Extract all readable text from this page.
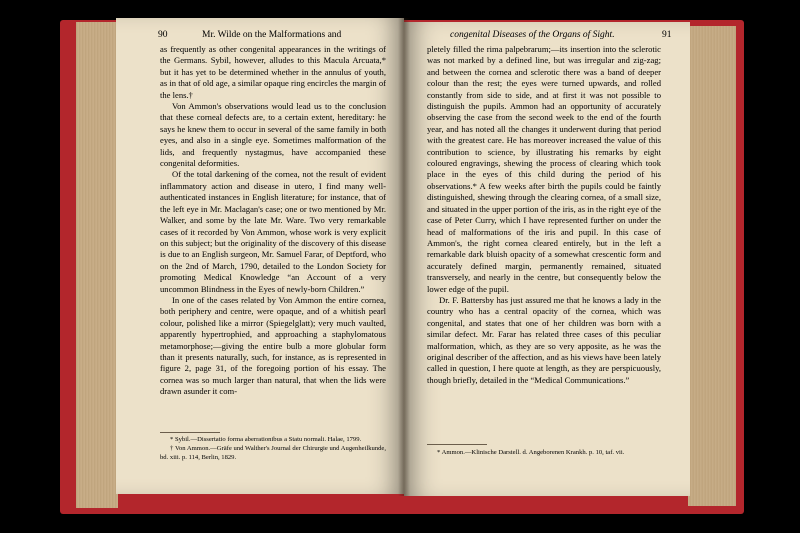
90	Mr. Wilde on the Malformations and	congenital Diseases of the Organs of Sight.	91

as frequently as other congenital appearances in the writings of the Germans. Sybil, however, alludes to this Macula Arcuata,* but it has yet to be determined whether in the annulus of youth, as in that of old age, a similar opaque ring encircles the margin of the lens.†

Von Ammon's observations would lead us to the conclusion that these corneal defects are, to a certain extent, hereditary: he says he knew them to occur in several of the same family in both eyes, and also in a single eye. Sometimes malformation of the lids, and frequently nystagmus, have accompanied these congenital deformities.

Of the total darkening of the cornea, not the result of evident inflammatory action and disease in utero, I find many well-authenticated instances in English literature; for instance, that of the left eye in Mr. Maclagan's case; one or two mentioned by Mr. Walker, and some by the late Mr. Ware. Two very remarkable cases of it recorded by Von Ammon, whose work is very explicit on this subject; but the originality of the discovery of this disease is due to an English surgeon, Mr. Samuel Farar, of Deptford, who on the 2nd of March, 1790, detailed to the London Society for promoting Medical Knowledge “an Account of a very uncommon Blindness in the Eyes of newly-born Children.”

In one of the cases related by Von Ammon the entire cornea, both periphery and centre, were opaque, and of a whitish pearl colour, polished like a mirror (Spiegelglatt); very much vaulted, apparently hypertrophied, and approaching a staphylomatous metamorphose;—giving the entire bulb a more globular form than it presents naturally, such, for instance, as is represented in figure 2, page 31, of the foregoing portion of his essay. The cornea was so much larger than natural, that when the lids were drawn asunder it com-

* Sybil.—Dissertatio forma aberrationibus a Statu normali. Halae, 1799.

† Von Ammon.—Gräfe und Walther's Journal der Chirurgie und Augenheilkunde, bd. xiii. p. 114, Berlin, 1829.

pletely filled the rima palpebrarum;—its insertion into the sclerotic was not marked by a defined line, but was irregular and zig-zag; and between the cornea and sclerotic there was a band of deeper colour than the rest; the eyes were turned upwards, and rolled constantly from side to side, and at first it was not possible to distinguish the pupils. Ammon had an opportunity of accurately observing the case from the second week to the end of the fourth year, and has noted all the changes it underwent during that period with the greatest care. He has moreover increased the value of this contribution to science, by illustrating his remarks by eight coloured engravings, shewing the process of clearing which took place in the eyes of this child during the period of his observations.* A few weeks after birth the pupils could be faintly distinguished, shewing through the clearing cornea, of a small size, and situated in the upper portion of the iris, as in the right eye of the case of Peter Curry, which I have represented further on under the head of malformations of the iris and pupil. In this case of Ammon's, the right cornea cleared entirely, but in the left a remarkable dark bluish opacity of a somewhat crescentic form and accurately defined margin, permanently remained, situated transversely, and nearly in the centre, but consequently below the lower edge of the pupil.

Dr. F. Battersby has just assured me that he knows a lady in the country who has a central opacity of the cornea, which was congenital, and states that one of her children was born with a similar defect. Mr. Farar has related three cases of this peculiar malformation, which, as they are so very apposite, as he was the original describer of the affection, and as his views have been lately called in question, I here quote at length, as they are perspicuously, though briefly, detailed in the “Medical Communications.”

* Ammon.—Klinische Darstell. d. Angeborenen Krankh. p. 10, taf. vii.
